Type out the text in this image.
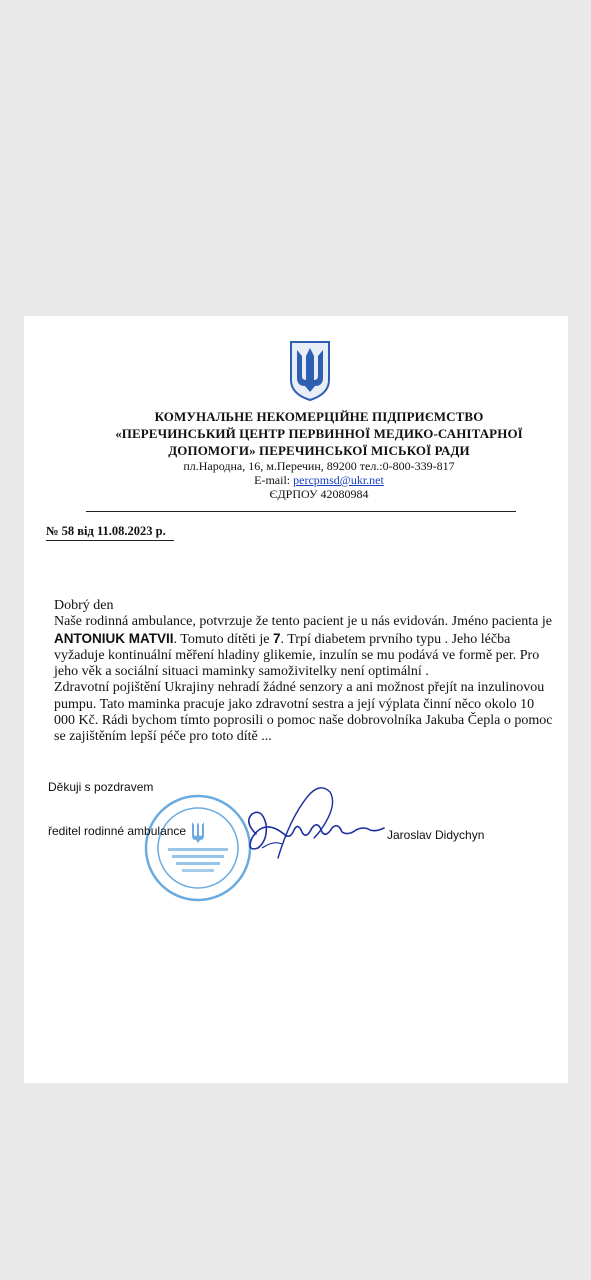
КОМУНАЛЬНЕ НЕКОМЕРЦІЙНЕ ПІДПРИЄМСТВО
«ПЕРЕЧИНСЬКИЙ ЦЕНТР ПЕРВИННОЇ МЕДИКО-САНІТАРНОЇ
ДОПОМОГИ» ПЕРЕЧИНСЬКОЇ МІСЬКОЇ РАДИ
пл.Народна, 16, м.Перечин, 89200 тел.:0-800-339-817
E-mail: percpmsd@ukr.net
ЄДРПОУ 42080984
№ 58 від 11.08.2023 р.

Dobrý den

Naše rodinná ambulance, potvrzuje že tento pacient je u nás evidován. Jméno pacienta je ANTONIUK MATVII. Tomuto dítěti je 7. Trpí diabetem prvního typu . Jeho léčba vyžaduje kontinuální měření hladiny glikemie, inzulín se mu podává ve formě per. Pro jeho věk a sociální situaci maminky samoživitelky není optimální .

Zdravotní pojištění Ukrajiny nehradí žádné senzory a ani možnost přejít na inzulinovou pumpu. Tato maminka pracuje jako zdravotní sestra a její výplata činní něco okolo 10 000 Kč. Rádi bychom tímto poprosili o pomoc naše dobrovolníka Jakuba Čepla o pomoc se zajištěním lepší péče pro toto dítě ...

Děkuji s pozdravem
ředitel rodinné ambulance	Jaroslav Didychyn
